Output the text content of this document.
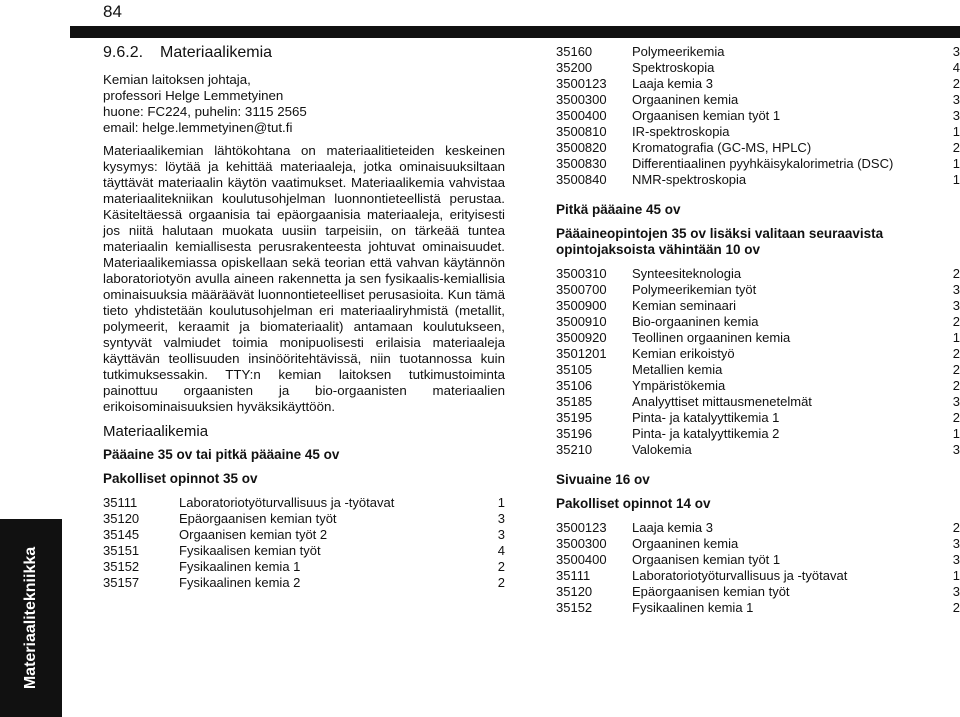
84
Materiaalitekniikka
9.6.2. Materiaalikemia
Kemian laitoksen johtaja,
professori Helge Lemmetyinen
huone: FC224, puhelin: 3115 2565
email: helge.lemmetyinen@tut.fi
Materiaalikemian lähtökohtana on materiaalitieteiden keskeinen kysymys: löytää ja kehittää materiaaleja, jotka ominaisuuksiltaan täyttävät materiaalin käytön vaatimukset. Materiaalikemia vahvistaa materiaalitekniikan koulutusohjelman luonnontieteellistä perustaa. Käsiteltäessä orgaanisia tai epäorgaanisia materiaaleja, erityisesti jos niitä halutaan muokata uusiin tarpeisiin, on tärkeää tuntea materiaalin kemiallisesta perusrakenteesta johtuvat ominaisuudet. Materiaalikemiassa opiskellaan sekä teorian että vahvan käytännön laboratoriotyön avulla aineen rakennetta ja sen fysikaalis-kemiallisia ominaisuuksia määräävät luonnontieteelliset perusasioita. Kun tämä tieto yhdistetään koulutusohjelman eri materiaaliryhmistä (metallit, polymeerit, keraamit ja biomateriaalit) antamaan koulutukseen, syntyvät valmiudet toimia monipuolisesti erilaisia materiaaleja käyttävän teollisuuden insinööritehtävissä, niin tuotannossa kuin tutkimuksessakin. TTY:n kemian laitoksen tutkimustoiminta painottuu orgaanisten ja bio-orgaanisten materiaalien erikoisominaisuuksien hyväksikäyttöön.
Materiaalikemia
Pääaine 35 ov tai pitkä pääaine 45 ov
Pakolliset opinnot 35 ov
35111	Laboratoriotyöturvallisuus ja -työtavat	1
35120	Epäorgaanisen kemian työt	3
35145	Orgaanisen kemian työt 2	3
35151	Fysikaalisen kemian työt	4
35152	Fysikaalinen kemia 1	2
35157	Fysikaalinen kemia 2	2
35160	Polymeerikemia	3
35200	Spektroskopia	4
3500123	Laaja kemia 3	2
3500300	Orgaaninen kemia	3
3500400	Orgaanisen kemian työt 1	3
3500810	IR-spektroskopia	1
3500820	Kromatografia (GC-MS, HPLC)	2
3500830	Differentiaalinen pyyhkäisykalorimetria (DSC)	1
3500840	NMR-spektroskopia	1
Pitkä pääaine 45 ov
Pääaineopintojen 35 ov lisäksi valitaan seuraavista opintojaksoista vähintään 10 ov
3500310	Synteesiteknologia	2
3500700	Polymeerikemian työt	3
3500900	Kemian seminaari	3
3500910	Bio-orgaaninen kemia	2
3500920	Teollinen orgaaninen kemia	1
3501201	Kemian erikoistyö	2
35105	Metallien kemia	2
35106	Ympäristökemia	2
35185	Analyyttiset mittausmenetelmät	3
35195	Pinta- ja katalyyttikemia 1	2
35196	Pinta- ja katalyyttikemia 2	1
35210	Valokemia	3
Sivuaine 16 ov
Pakolliset opinnot 14 ov
3500123	Laaja kemia 3	2
3500300	Orgaaninen kemia	3
3500400	Orgaanisen kemian työt 1	3
35111	Laboratoriotyöturvallisuus ja -työtavat	1
35120	Epäorgaanisen kemian työt	3
35152	Fysikaalinen kemia 1	2
